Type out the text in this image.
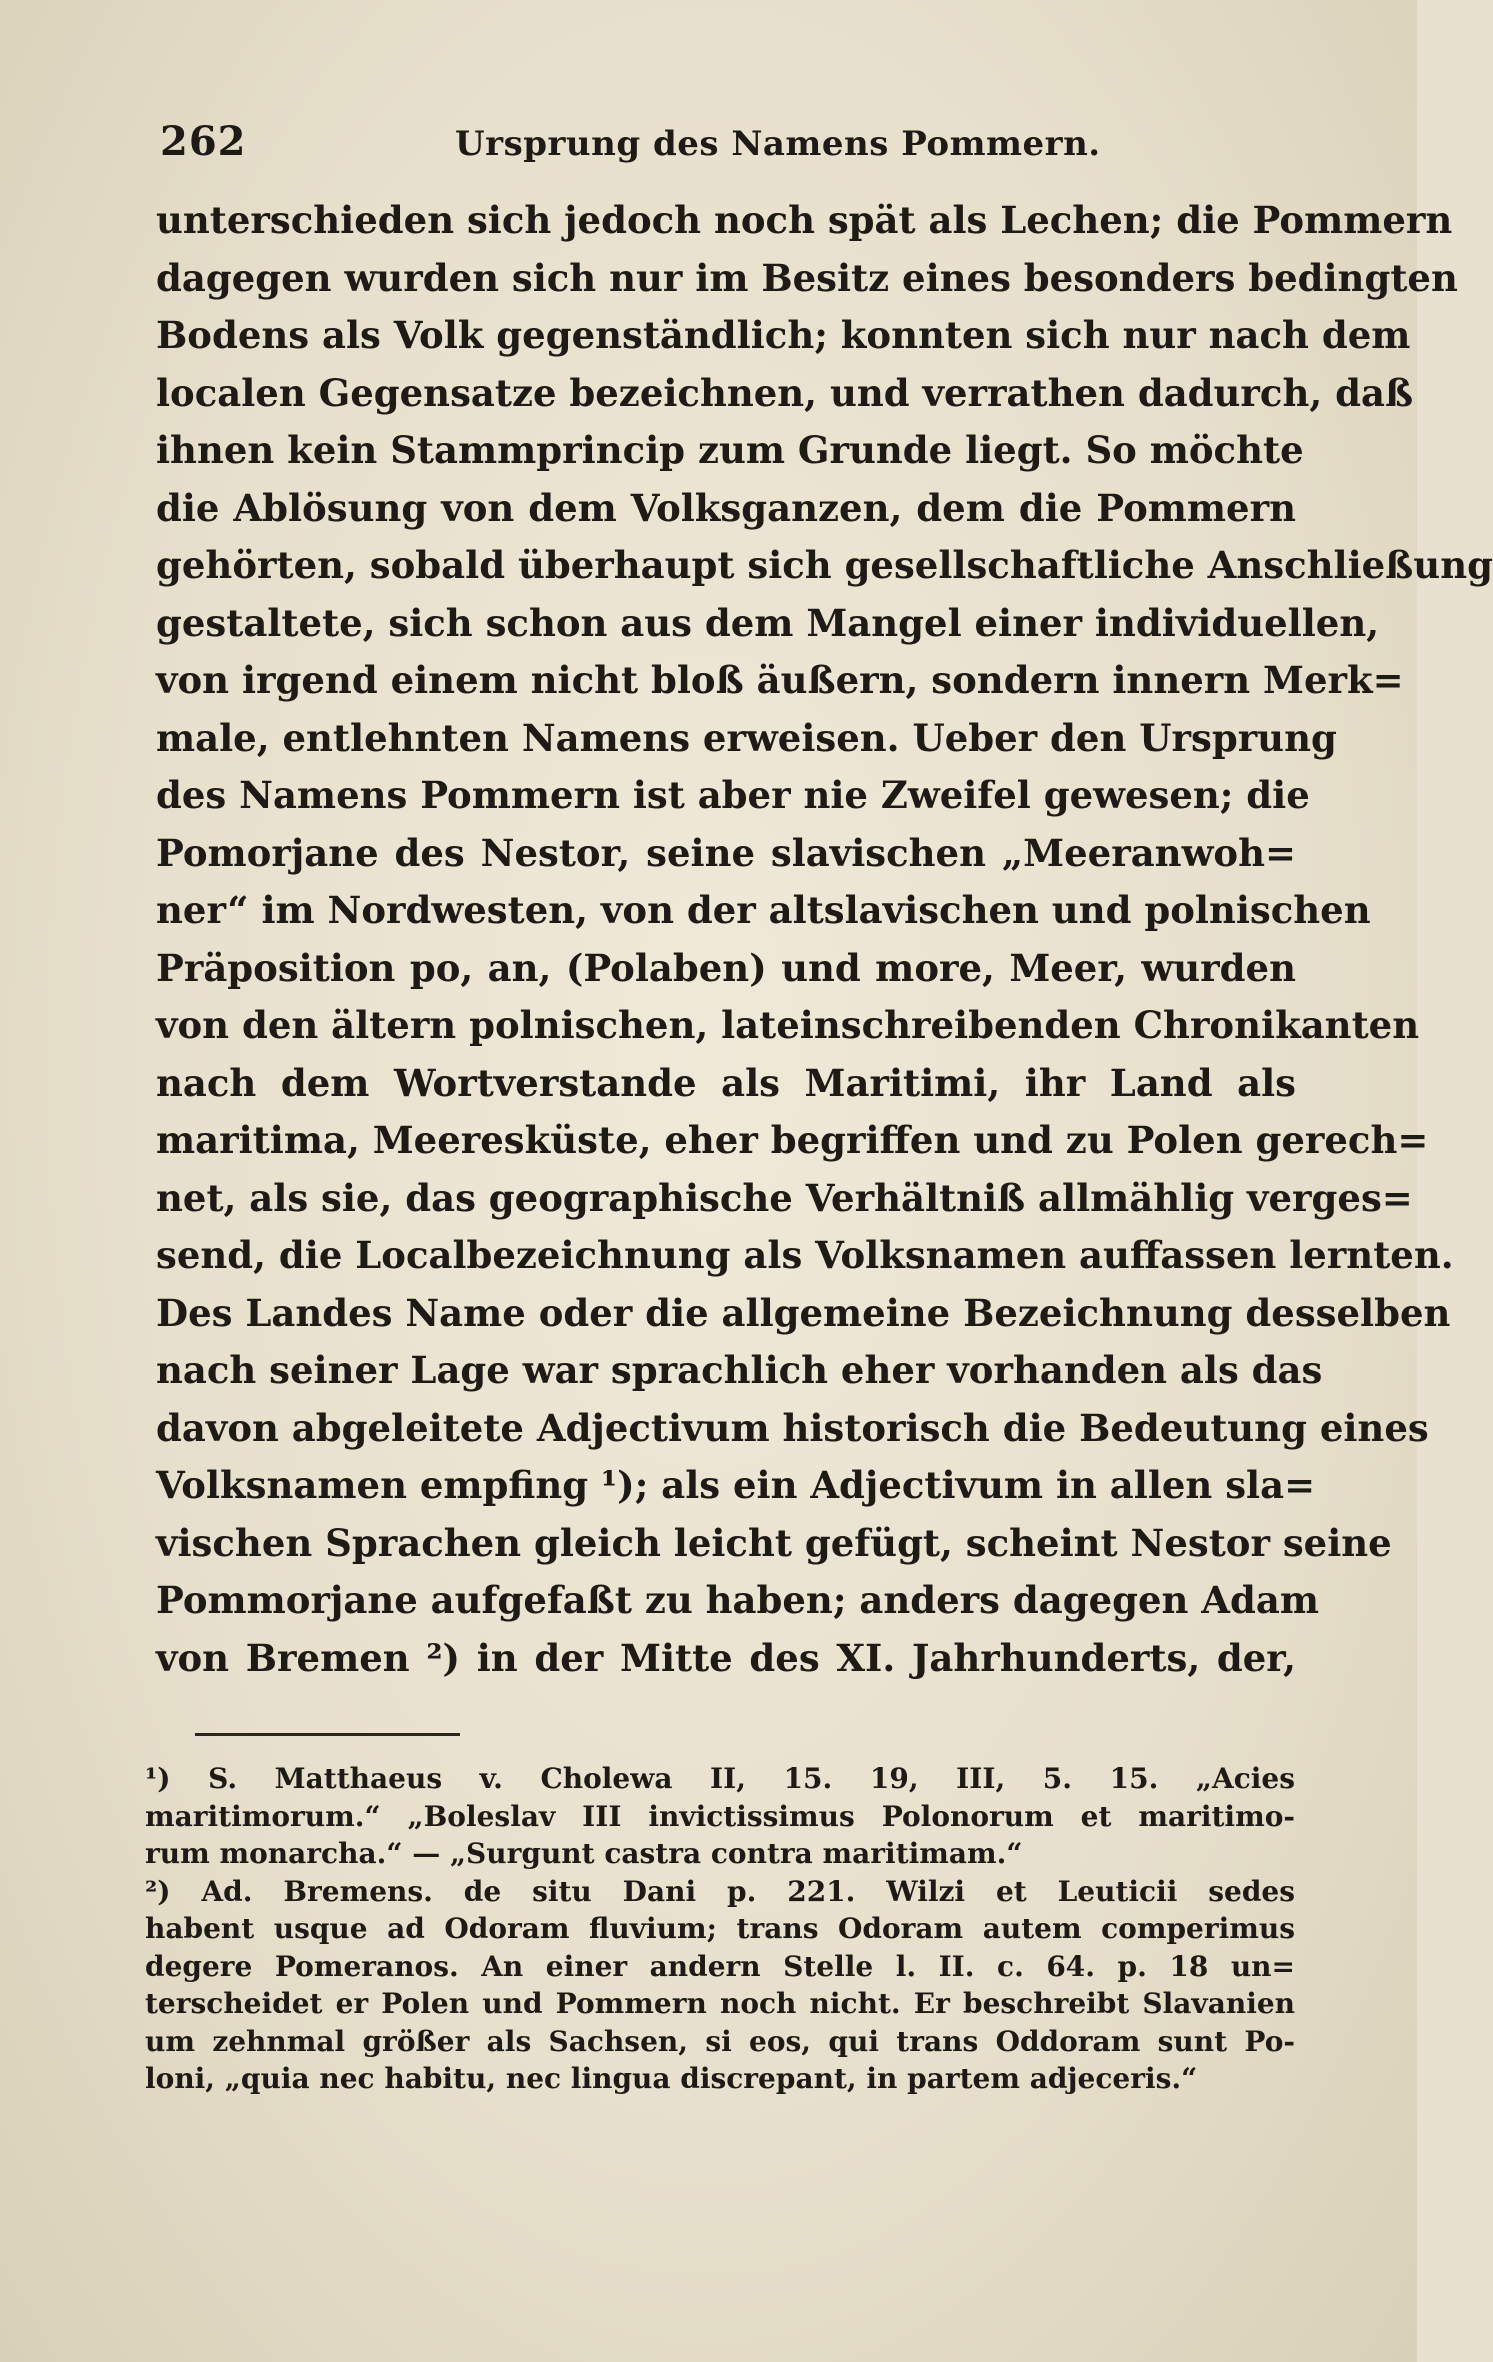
262	Ursprung des Namens Pommern.
unterschieden sich jedoch noch spät als Lechen; die Pommern
dagegen wurden sich nur im Besitz eines besonders bedingten
Bodens als Volk gegenständlich; konnten sich nur nach dem
localen Gegensatze bezeichnen, und verrathen dadurch, daß
ihnen kein Stammprincip zum Grunde liegt. So möchte
die Ablösung von dem Volksganzen, dem die Pommern
gehörten, sobald überhaupt sich gesellschaftliche Anschließung
gestaltete, sich schon aus dem Mangel einer individuellen,
von irgend einem nicht bloß äußern, sondern innern Merk=
male, entlehnten Namens erweisen. Ueber den Ursprung
des Namens Pommern ist aber nie Zweifel gewesen; die
Pomorjane des Nestor, seine slavischen „Meeranwoh=
ner“ im Nordwesten, von der altslavischen und polnischen
Präposition po, an, (Polaben) und more, Meer, wurden
von den ältern polnischen, lateinschreibenden Chronikanten
nach dem Wortverstande als Maritimi, ihr Land als
maritima, Meeresküste, eher begriffen und zu Polen gerech=
net, als sie, das geographische Verhältniß allmählig verges=
send, die Localbezeichnung als Volksnamen auffassen lernten.
Des Landes Name oder die allgemeine Bezeichnung desselben
nach seiner Lage war sprachlich eher vorhanden als das
davon abgeleitete Adjectivum historisch die Bedeutung eines
Volksnamen empfing ¹); als ein Adjectivum in allen sla=
vischen Sprachen gleich leicht gefügt, scheint Nestor seine
Pommorjane aufgefaßt zu haben; anders dagegen Adam
von Bremen ²) in der Mitte des XI. Jahrhunderts, der,
¹) S. Matthaeus v. Cholewa II, 15. 19, III, 5. 15. „Acies
maritimorum.“ „Boleslav III invictissimus Polonorum et maritimo-
rum monarcha.“ — „Surgunt castra contra maritimam.“
²) Ad. Bremens. de situ Dani p. 221. Wilzi et Leuticii sedes
habent usque ad Odoram fluvium; trans Odoram autem comperimus
degere Pomeranos. An einer andern Stelle l. II. c. 64. p. 18 un=
terscheidet er Polen und Pommern noch nicht. Er beschreibt Slavanien
um zehnmal größer als Sachsen, si eos, qui trans Oddoram sunt Po-
loni, „quia nec habitu, nec lingua discrepant, in partem adjeceris.“
